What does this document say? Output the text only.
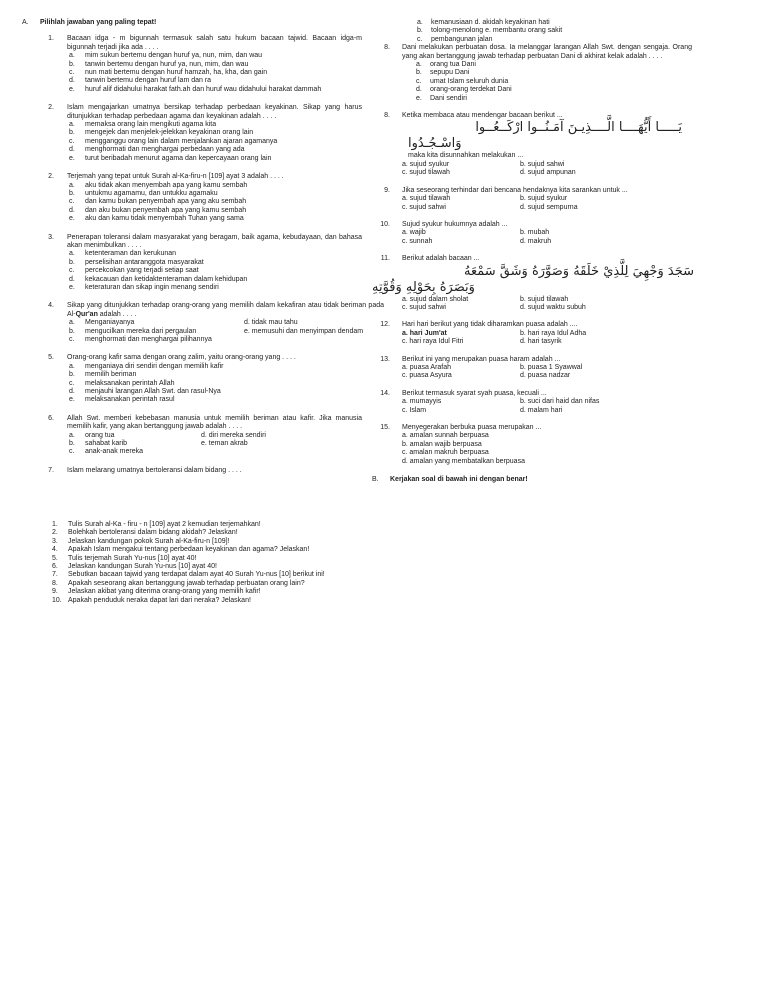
A.	Pilihlah jawaban yang paling tepat!
1.	Bacaan idga - m bigunnah termasuk salah satu hukum bacaan tajwid. Bacaan idga-m bigunnah terjadi jika ada . . . .
a.	mim sukun bertemu dengan huruf ya, nun, mim, dan wau
b.	tanwin bertemu dengan huruf ya, nun, mim, dan wau
c.	nun mati bertemu dengan huruf hamzah, ha, kha, dan gain
d.	tanwin bertemu dengan huruf lam dan ra
e.	huruf alif didahului harakat fath.ah dan huruf wau didahului harakat dammah
2.	Islam mengajarkan umatnya bersikap terhadap perbedaan keyakinan. Sikap yang harus ditunjukkan terhadap perbedaan agama dan keyakinan adalah . . . .
a.	memaksa orang lain mengikuti agama kita
b.	mengejek dan menjelek-jelekkan keyakinan orang lain
c.	mengganggu orang lain dalam menjalankan ajaran agamanya
d.	menghormati dan menghargai perbedaan yang ada
e.	turut beribadah menurut agama dan kepercayaan orang lain
2.	Terjemah yang tepat untuk Surah al-Ka-firu-n [109] ayat 3 adalah . . . .
a.	aku tidak akan menyembah apa yang kamu sembah
b.	untukmu agamamu, dan untukku agamaku
c.	dan kamu bukan penyembah apa yang aku sembah
d.	dan aku bukan penyembah apa yang kamu sembah
e.	aku dan kamu tidak menyembah Tuhan yang sama
3.	Penerapan toleransi dalam masyarakat yang beragam, baik agama, kebudayaan, dan bahasa akan menimbulkan . . . .
a.	ketenteraman dan kerukunan
b.	perselisihan antaranggota masyarakat
c.	percekcokan yang terjadi setiap saat
d.	kekacauan dan ketidaktenteraman dalam kehidupan
e.	keteraturan dan sikap ingin menang sendiri
4.	Sikap yang ditunjukkan terhadap orang-orang yang memilih dalam kekafiran atau tidak beriman pada Al-Qur'an adalah . . . .
a.	Menganiayanya	d. tidak mau tahu
b.	mengucilkan mereka dari pergaulan	e. memusuhi dan menyimpan dendam
c.	menghormati dan menghargai pilihannya
5.	Orang-orang kafir sama dengan orang zalim, yaitu orang-orang yang . . . .
a.	menganiaya diri sendiri dengan memilih kafir
b.	memilih beriman
c.	melaksanakan perintah Allah
d.	menjauhi larangan Allah Swt. dan rasul-Nya
e.	melaksanakan perintah rasul
6.	Allah Swt. memberi kebebasan manusia untuk memilih beriman atau kafir. Jika manusia memilih kafir, yang akan bertanggung jawab adalah . . . .
a.	orang tua	d. diri mereka sendiri
b.	sahabat karib	e. teman akrab
c.	anak-anak mereka
7.	Islam melarang umatnya bertoleransi dalam bidang . . . .
a.	kemanusiaan d. akidah keyakinan hati
b.	tolong-menolong e. membantu orang sakit
c.	pembangunan jalan
8.	Dani melakukan perbuatan dosa. Ia melanggar larangan Allah Swt. dengan sengaja. Orang yang akan bertanggung jawab terhadap perbuatan Dani di akhirat kelak adalah . . . .
a.	orang tua Dani
b.	sepupu Dani
c.	umat Islam seluruh dunia
d.	orang-orang terdekat Dani
e.	Dani sendiri
8.	Ketika membaca atau mendengar bacaan berikut ...
يَـــــا أَيُّهَــــا الَّــــذِيـنَ آمَـنُــوا ارْكَــعُــوا
وَاسْـجُـدُوا
maka kita disunnahkan melakukan ...
a. sujud syukur	b. sujud sahwi
c. sujud tilawah	d. sujud ampunan
9.	Jika seseorang terhindar dari bencana hendaknya kita sarankan untuk ...
a. sujud tilawah	b. sujud syukur
c. sujud sahwi	d. sujud sempurna
10.	Sujud syukur hukumnya adalah ...
a. wajib	b. mubah
c. sunnah	d. makruh
11.	Berikut adalah bacaan ...
سَجَدَ وَجْهِيَ لِلَّذِيْ خَلَقَهُ وَصَوَّرَهُ وَشَقَّ سَمْعَهُ
وَبَصَرَهُ بِحَوْلِهِ وَقُوَّتِهِ
a. sujud dalam sholat	b. sujud tilawah
c. sujud sahwi	d. sujud waktu subuh
12.	Hari hari berikut yang tidak diharamkan puasa adalah ....
a. hari Jum'at	b. hari raya Idul Adha
c. hari raya Idul Fitri	d. hari tasyrik
13.	Berikut ini yang merupakan puasa haram adalah ...
a. puasa Arafah	b. puasa 1 Syawwal
c. puasa Asyura	d. puasa nadzar
14.	Berikut termasuk syarat syah puasa, kecuali ...
a. mumayyis	b. suci dari haid dan nifas
c. Islam	d. malam hari
15.	Menyegerakan berbuka puasa merupakan ...
a. amalan sunnah berpuasa
b. amalan wajib berpuasa
c. amalan makruh berpuasa
d. amalan yang membatalkan berpuasa
B.	Kerjakan soal di bawah ini dengan benar!
1.	Tulis Surah al-Ka - firu - n [109] ayat 2 kemudian terjemahkan!
2.	Bolehkah bertoleransi dalam bidang akidah? Jelaskan!
3.	Jelaskan kandungan pokok Surah al-Ka-firu-n [109]!
4.	Apakah Islam mengakui tentang perbedaan keyakinan dan agama? Jelaskan!
5.	Tulis terjemah Surah Yu-nus [10] ayat 40!
6.	Jelaskan kandungan Surah Yu-nus [10] ayat 40!
7.	Sebutkan bacaan tajwid yang terdapat dalam ayat 40 Surah Yu-nus [10] berikut ini!
8.	Apakah seseorang akan bertanggung jawab terhadap perbuatan orang lain?
9.	Jelaskan akibat yang diterima orang-orang yang memilih kafir!
10. Apakah penduduk neraka dapat lari dari neraka? Jelaskan!
